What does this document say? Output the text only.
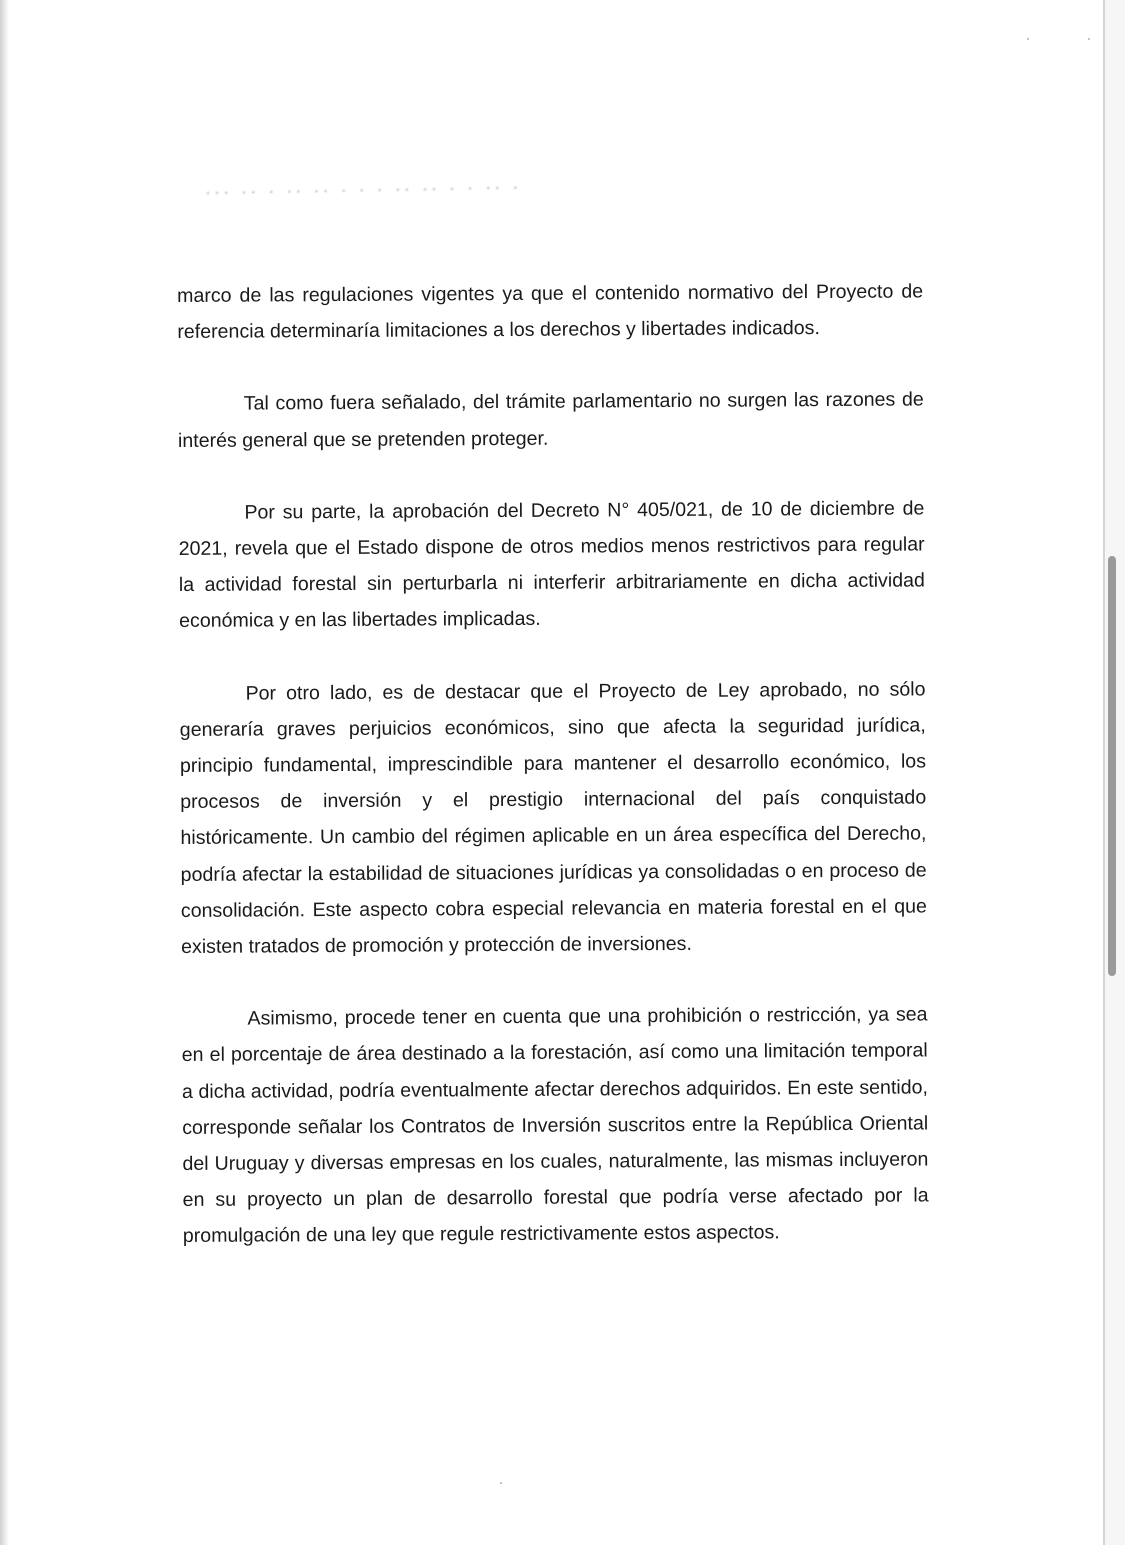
··· ·· · ·· ·· · · · ·· ·· · · ·· ·

marco de las regulaciones vigentes ya que el contenido normativo del Proyecto de referencia determinaría limitaciones a los derechos y libertades indicados.

Tal como fuera señalado, del trámite parlamentario no surgen las razones de interés general que se pretenden proteger.

Por su parte, la aprobación del Decreto N° 405/021, de 10 de diciembre de 2021, revela que el Estado dispone de otros medios menos restrictivos para regular la actividad forestal sin perturbarla ni interferir arbitrariamente en dicha actividad económica y en las libertades implicadas.

Por otro lado, es de destacar que el Proyecto de Ley aprobado, no sólo generaría graves perjuicios económicos, sino que afecta la seguridad jurídica, principio fundamental, imprescindible para mantener el desarrollo económico, los procesos de inversión y el prestigio internacional del país conquistado históricamente. Un cambio del régimen aplicable en un área específica del Derecho, podría afectar la estabilidad de situaciones jurídicas ya consolidadas o en proceso de consolidación. Este aspecto cobra especial relevancia en materia forestal en el que existen tratados de promoción y protección de inversiones.

Asimismo, procede tener en cuenta que una prohibición o restricción, ya sea en el porcentaje de área destinado a la forestación, así como una limitación temporal a dicha actividad, podría eventualmente afectar derechos adquiridos. En este sentido, corresponde señalar los Contratos de Inversión suscritos entre la República Oriental del Uruguay y diversas empresas en los cuales, naturalmente, las mismas incluyeron en su proyecto un plan de desarrollo forestal que podría verse afectado por la promulgación de una ley que regule restrictivamente estos aspectos.
